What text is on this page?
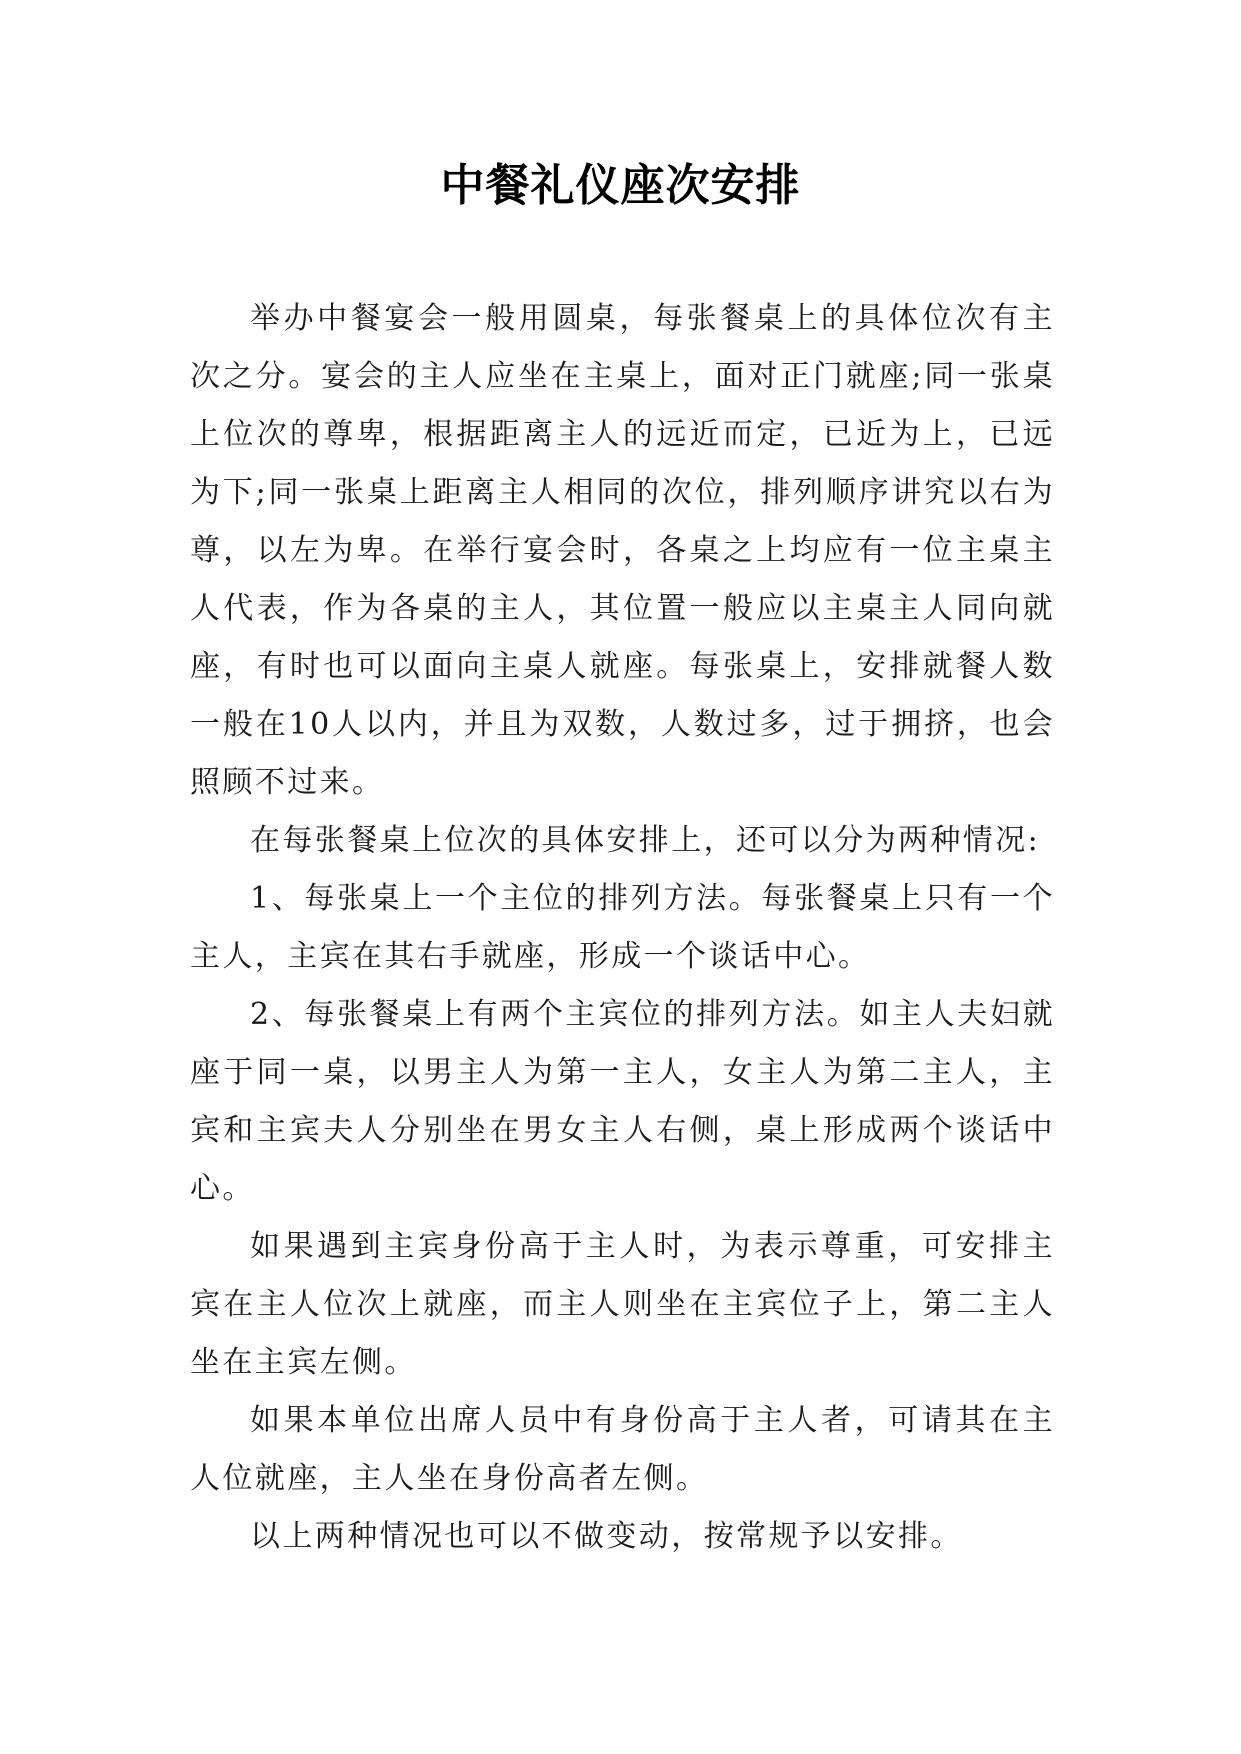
中餐礼仪座次安排

举办中餐宴会一般用圆桌，每张餐桌上的具体位次有主次之分。宴会的主人应坐在主桌上，面对正门就座;同一张桌上位次的尊卑，根据距离主人的远近而定，已近为上，已远为下;同一张桌上距离主人相同的次位，排列顺序讲究以右为尊，以左为卑。在举行宴会时，各桌之上均应有一位主桌主人代表，作为各桌的主人，其位置一般应以主桌主人同向就座，有时也可以面向主桌人就座。每张桌上，安排就餐人数一般在10人以内，并且为双数，人数过多，过于拥挤，也会照顾不过来。

在每张餐桌上位次的具体安排上，还可以分为两种情况:

1、每张桌上一个主位的排列方法。每张餐桌上只有一个主人，主宾在其右手就座，形成一个谈话中心。

2、每张餐桌上有两个主宾位的排列方法。如主人夫妇就座于同一桌，以男主人为第一主人，女主人为第二主人，主宾和主宾夫人分别坐在男女主人右侧，桌上形成两个谈话中心。

如果遇到主宾身份高于主人时，为表示尊重，可安排主宾在主人位次上就座，而主人则坐在主宾位子上，第二主人坐在主宾左侧。

如果本单位出席人员中有身份高于主人者，可请其在主人位就座，主人坐在身份高者左侧。

以上两种情况也可以不做变动，按常规予以安排。
